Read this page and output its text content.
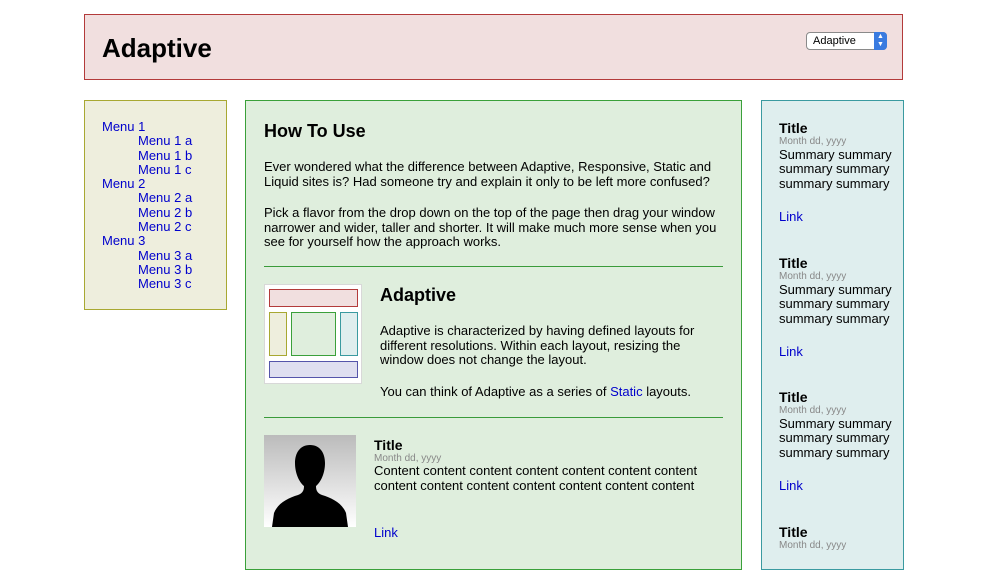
Adaptive	Adaptive	▲
▼
Menu 1
Menu 1 a
Menu 1 b
Menu 1 c
Menu 2
Menu 2 a
Menu 2 b
Menu 2 c
Menu 3
Menu 3 a
Menu 3 b
Menu 3 c
How To Use

Ever wondered what the difference between Adaptive, Responsive, Static and Liquid sites is? Had someone try and explain it only to be left more confused?

Pick a flavor from the drop down on the top of the page then drag your window narrower and wider, taller and shorter. It will make much more sense when you see for yourself how the approach works.

Adaptive

Adaptive is characterized by having defined layouts for different resolutions. Within each layout, resizing the window does not change the layout.

You can think of Adaptive as a series of Static layouts.

Title
Month dd, yyyy
Content content content content content content content content content content content content content content
Link
Title
Month dd, yyyy
Summary summary summary summary summary summary
Link
Title
Month dd, yyyy
Summary summary summary summary summary summary
Link
Title
Month dd, yyyy
Summary summary summary summary summary summary
Link
Title
Month dd, yyyy
